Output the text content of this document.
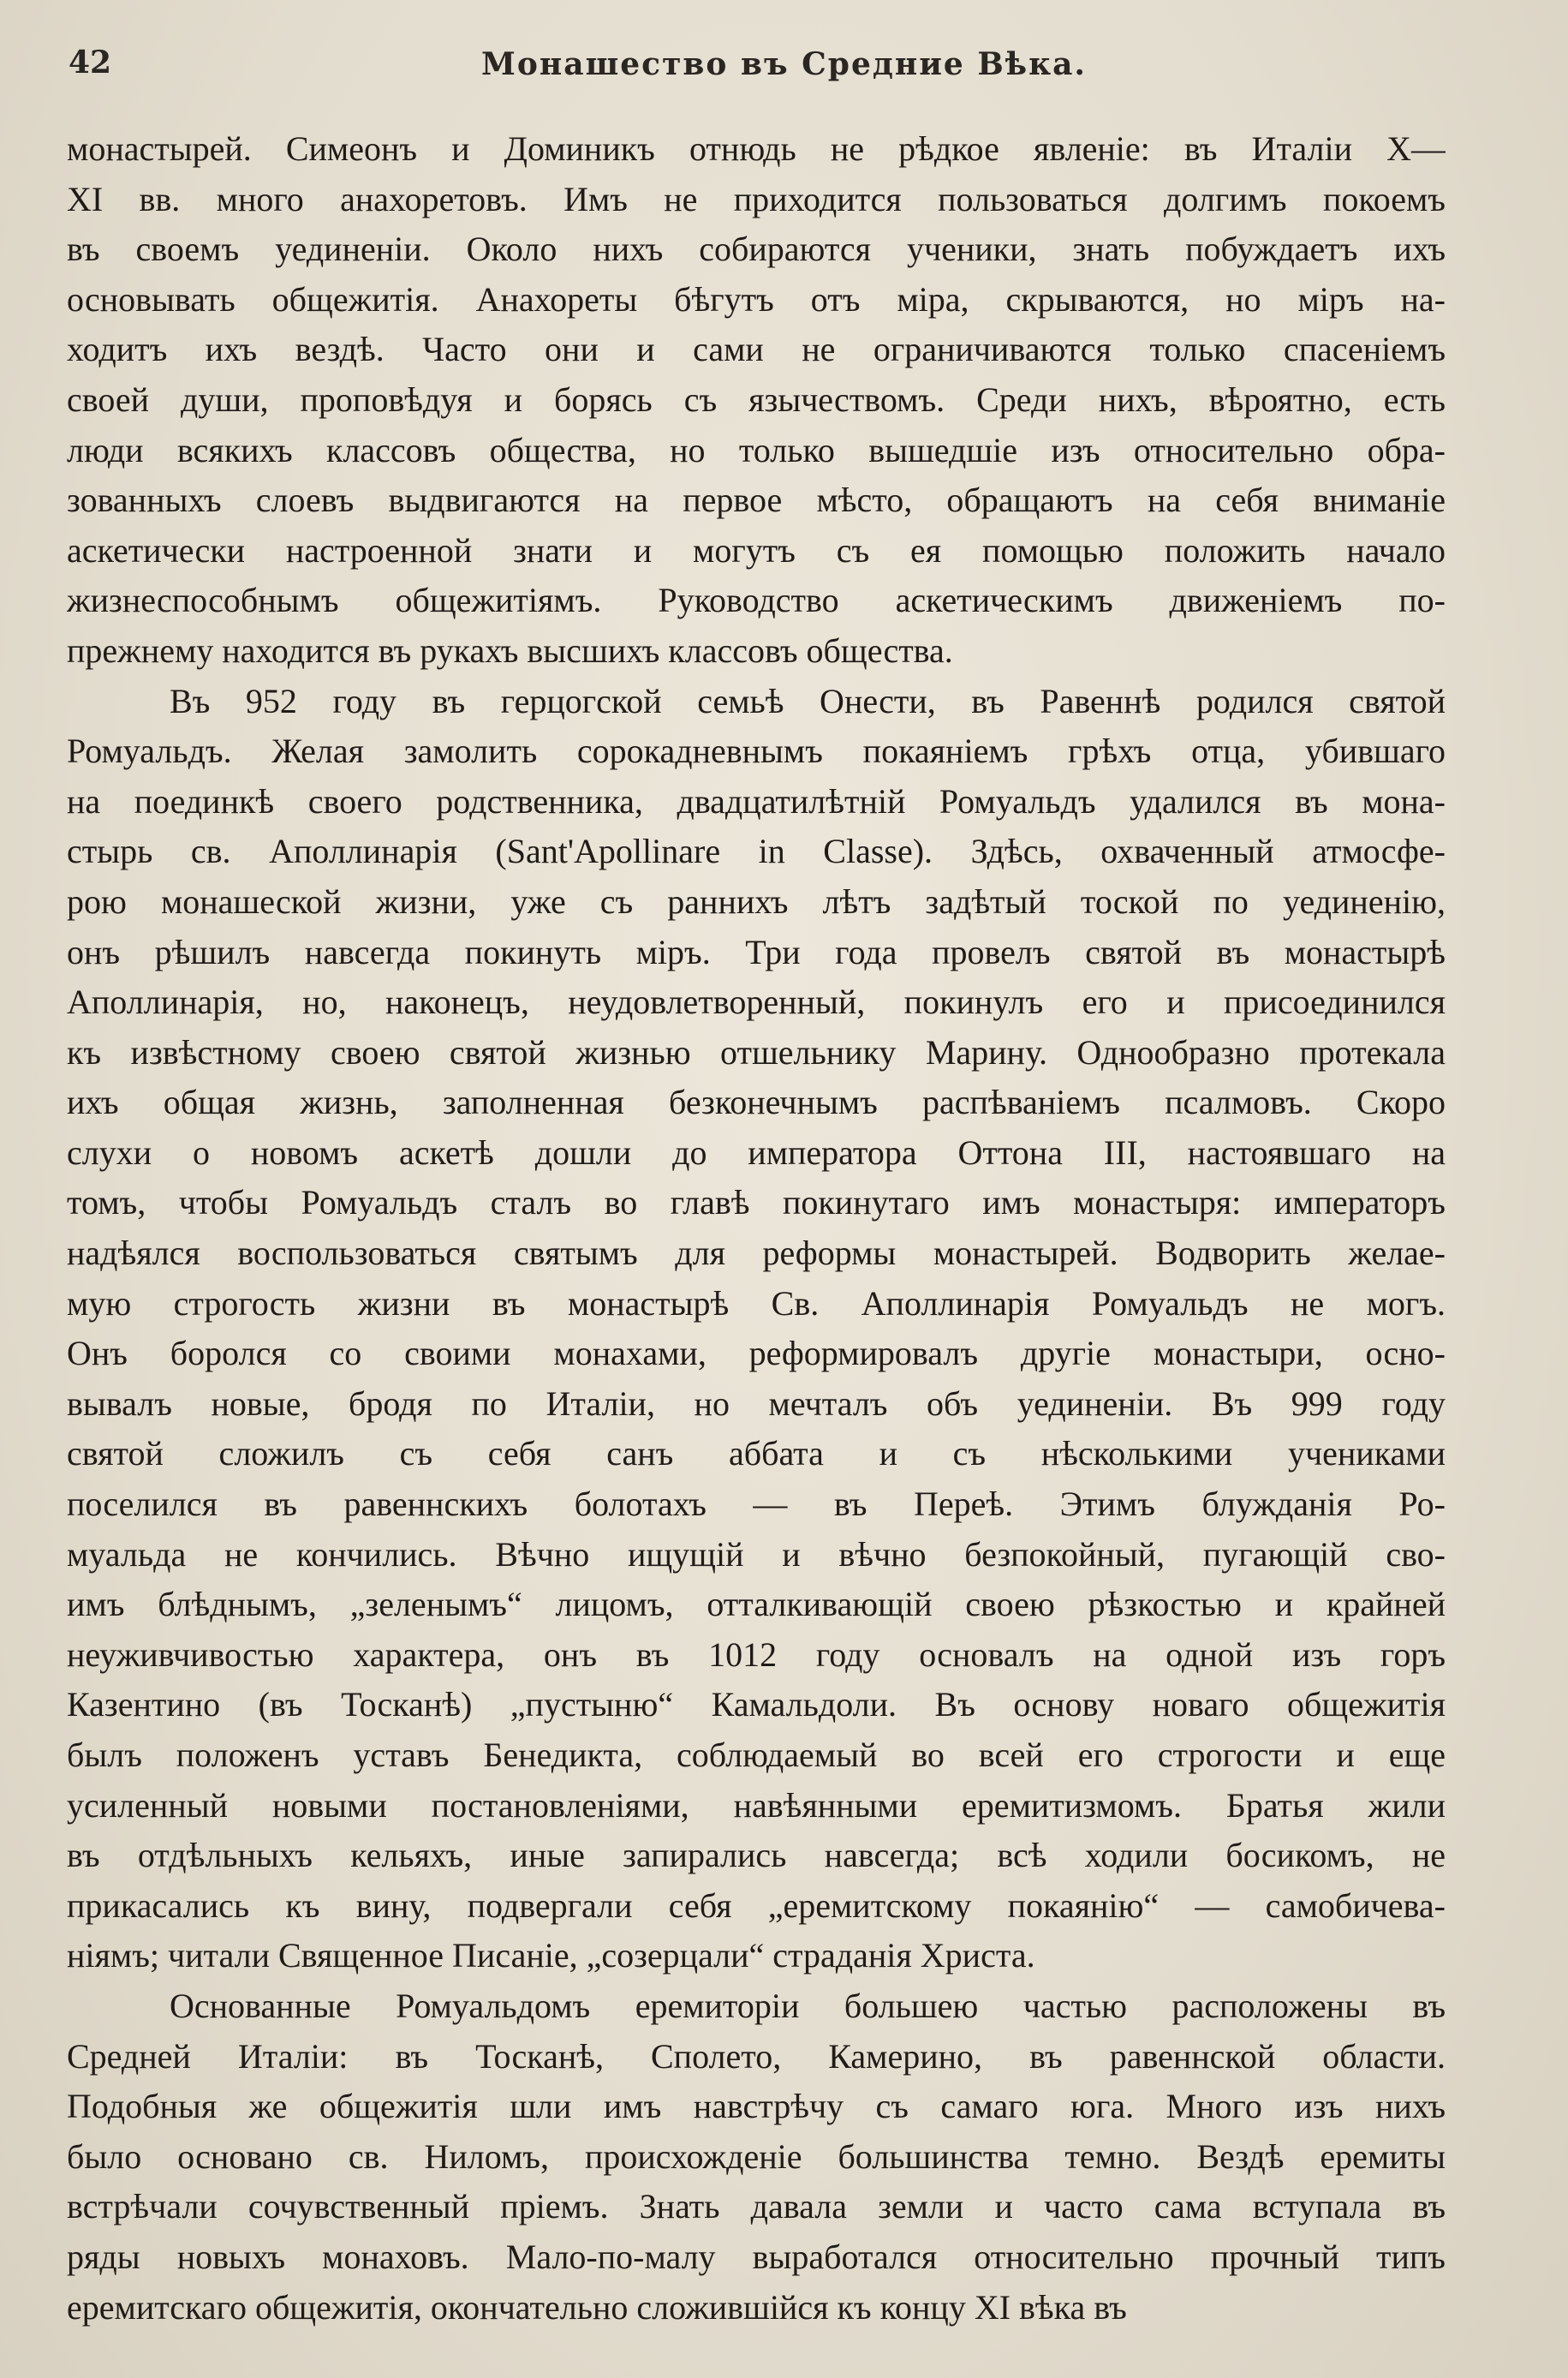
42	Монашество въ Средние Вѣка.
монастырей. Симеонъ и Доминикъ отнюдь не рѣдкое явленіе: въ Италіи X—
XI вв. много анахоретовъ. Имъ не приходится пользоваться долгимъ покоемъ
въ своемъ уединеніи. Около нихъ собираются ученики, знать побуждаетъ ихъ
основывать общежитія. Анахореты бѣгутъ отъ міра, скрываются, но міръ на-
ходитъ ихъ вездѣ. Часто они и сами не ограничиваются только спасеніемъ
своей души, проповѣдуя и борясь съ язычествомъ. Среди нихъ, вѣроятно, есть
люди всякихъ классовъ общества, но только вышедшіе изъ относительно обра-
зованныхъ слоевъ выдвигаются на первое мѣсто, обращаютъ на себя вниманіе
аскетически настроенной знати и могутъ съ ея помощью положить начало
жизнеспособнымъ общежитіямъ. Руководство аскетическимъ движеніемъ по-
прежнему находится въ рукахъ высшихъ классовъ общества.
Въ 952 году въ герцогской семьѣ Онести, въ Равеннѣ родился святой
Ромуальдъ. Желая замолить сорокадневнымъ покаяніемъ грѣхъ отца, убившаго
на поединкѣ своего родственника, двадцатилѣтній Ромуальдъ удалился въ мона-
стырь св. Аполлинарія (Sant'Apollinare in Classe). Здѣсь, охваченный атмосфе-
рою монашеской жизни, уже съ раннихъ лѣтъ задѣтый тоской по уединенію,
онъ рѣшилъ навсегда покинуть міръ. Три года провелъ святой въ монастырѣ
Аполлинарія, но, наконецъ, неудовлетворенный, покинулъ его и присоединился
къ извѣстному своею святой жизнью отшельнику Марину. Однообразно протекала
ихъ общая жизнь, заполненная безконечнымъ распѣваніемъ псалмовъ. Скоро
слухи о новомъ аскетѣ дошли до императора Оттона III, настоявшаго на
томъ, чтобы Ромуальдъ сталъ во главѣ покинутаго имъ монастыря: императоръ
надѣялся воспользоваться святымъ для реформы монастырей. Водворить желае-
мую строгость жизни въ монастырѣ Св. Аполлинарія Ромуальдъ не могъ.
Онъ боролся со своими монахами, реформировалъ другіе монастыри, осно-
вывалъ новые, бродя по Италіи, но мечталъ объ уединеніи. Въ 999 году
святой сложилъ съ себя санъ аббата и съ нѣсколькими учениками
поселился въ равеннскихъ болотахъ — въ Переѣ. Этимъ блужданія Ро-
муальда не кончились. Вѣчно ищущій и вѣчно безпокойный, пугающій сво-
имъ блѣднымъ, „зеленымъ“ лицомъ, отталкивающій своею рѣзкостью и крайней
неуживчивостью характера, онъ въ 1012 году основалъ на одной изъ горъ
Казентино (въ Тосканѣ) „пустыню“ Камальдоли. Въ основу новаго общежитія
былъ положенъ уставъ Бенедикта, соблюдаемый во всей его строгости и еще
усиленный новыми постановленіями, навѣянными еремитизмомъ. Братья жили
въ отдѣльныхъ кельяхъ, иные запирались навсегда; всѣ ходили босикомъ, не
прикасались къ вину, подвергали себя „еремитскому покаянію“ — самобичева-
ніямъ; читали Священное Писаніе, „созерцали“ страданія Христа.
Основанные Ромуальдомъ еремиторіи большею частью расположены въ
Средней Италіи: въ Тосканѣ, Сполето, Камерино, въ равеннской области.
Подобныя же общежитія шли имъ навстрѣчу съ самаго юга. Много изъ нихъ
было основано св. Ниломъ, происхожденіе большинства темно. Вездѣ еремиты
встрѣчали сочувственный пріемъ. Знать давала земли и часто сама вступала въ
ряды новыхъ монаховъ. Мало-по-малу выработался относительно прочный типъ
еремитскаго общежитія, окончательно сложившійся къ концу XI вѣка въ
